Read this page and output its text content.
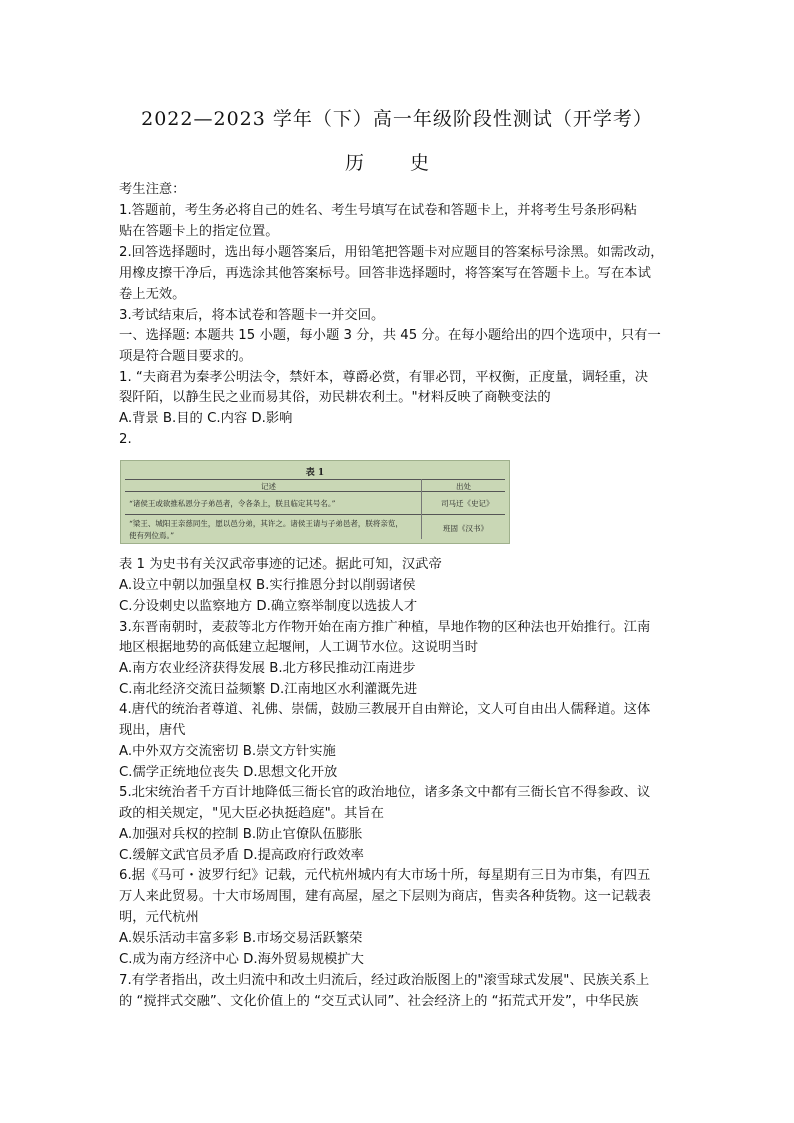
2022—2023 学年（下）高一年级阶段性测试（开学考）
历 史
考生注意：
1.答题前，考生务必将自己的姓名、考生号填写在试卷和答题卡上，并将考生号条形码粘
贴在答题卡上的指定位置。
2.回答选择题时，选出每小题答案后，用铅笔把答题卡对应题目的答案标号涂黑。如需改动，
用橡皮擦干净后，再选涂其他答案标号。回答非选择题时，将答案写在答题卡上。写在本试
卷上无效。
3.考试结束后，将本试卷和答题卡一并交回。
一、选择题: 本题共 15 小题，每小题 3 分，共 45 分。在每小题给出的四个选项中，只有一
项是符合题目要求的。
1. “夫商君为秦孝公明法令，禁奸本，尊爵必赏，有罪必罚，平权衡，正度量，调轻重，决
裂阡陌，以静生民之业而易其俗，劝民耕农利土。"材料反映了商鞅变法的
A.背景 B.目的 C.内容 D.影响
2.
表 1
记述	出处
“诸侯王或欲推私恩分子弟邑者，令各条上，朕且临定其号名。”	司马迁《史记》
“梁王、城阳王亲慈同生，愿以邑分弟，其许之。诸侯王请与子弟邑者，朕将亲览，
使有列位焉。”
班固《汉书》
表 1 为史书有关汉武帝事迹的记述。据此可知，汉武帝
A.设立中朝以加强皇权 B.实行推恩分封以削弱诸侯
C.分设刺史以监察地方 D.确立察举制度以选拔人才
3.东晋南朝时，麦菽等北方作物开始在南方推广种植，旱地作物的区种法也开始推行。江南
地区根据地势的高低建立起堰闸，人工调节水位。这说明当时
A.南方农业经济获得发展 B.北方移民推动江南进步
C.南北经济交流日益频繁 D.江南地区水利灌溉先进
4.唐代的统治者尊道、礼佛、崇儒，鼓励三教展开自由辩论，文人可自由出人儒释道。这体
现出，唐代
A.中外双方交流密切 B.崇文方针实施
C.儒学正统地位丧失 D.思想文化开放
5.北宋统治者千方百计地降低三衙长官的政治地位，诸多条文中都有三衙长官不得参政、议
政的相关规定，"见大臣必执挺趋庭"。其旨在
A.加强对兵权的控制 B.防止官僚队伍膨胀
C.缓解文武官员矛盾 D.提高政府行政效率
6.据《马可・波罗行纪》记载，元代杭州城内有大市场十所，每星期有三日为市集，有四五
万人来此贸易。十大市场周围，建有高屋，屋之下层则为商店，售卖各种货物。这一记载表
明，元代杭州
A.娱乐活动丰富多彩 B.市场交易活跃繁荣
C.成为南方经济中心 D.海外贸易规模扩大
7.有学者指出，改土归流中和改土归流后，经过政治版图上的"滚雪球式发展"、民族关系上
的 “搅拌式交融”、文化价值上的 “交互式认同”、社会经济上的 “拓荒式开发”，中华民族
